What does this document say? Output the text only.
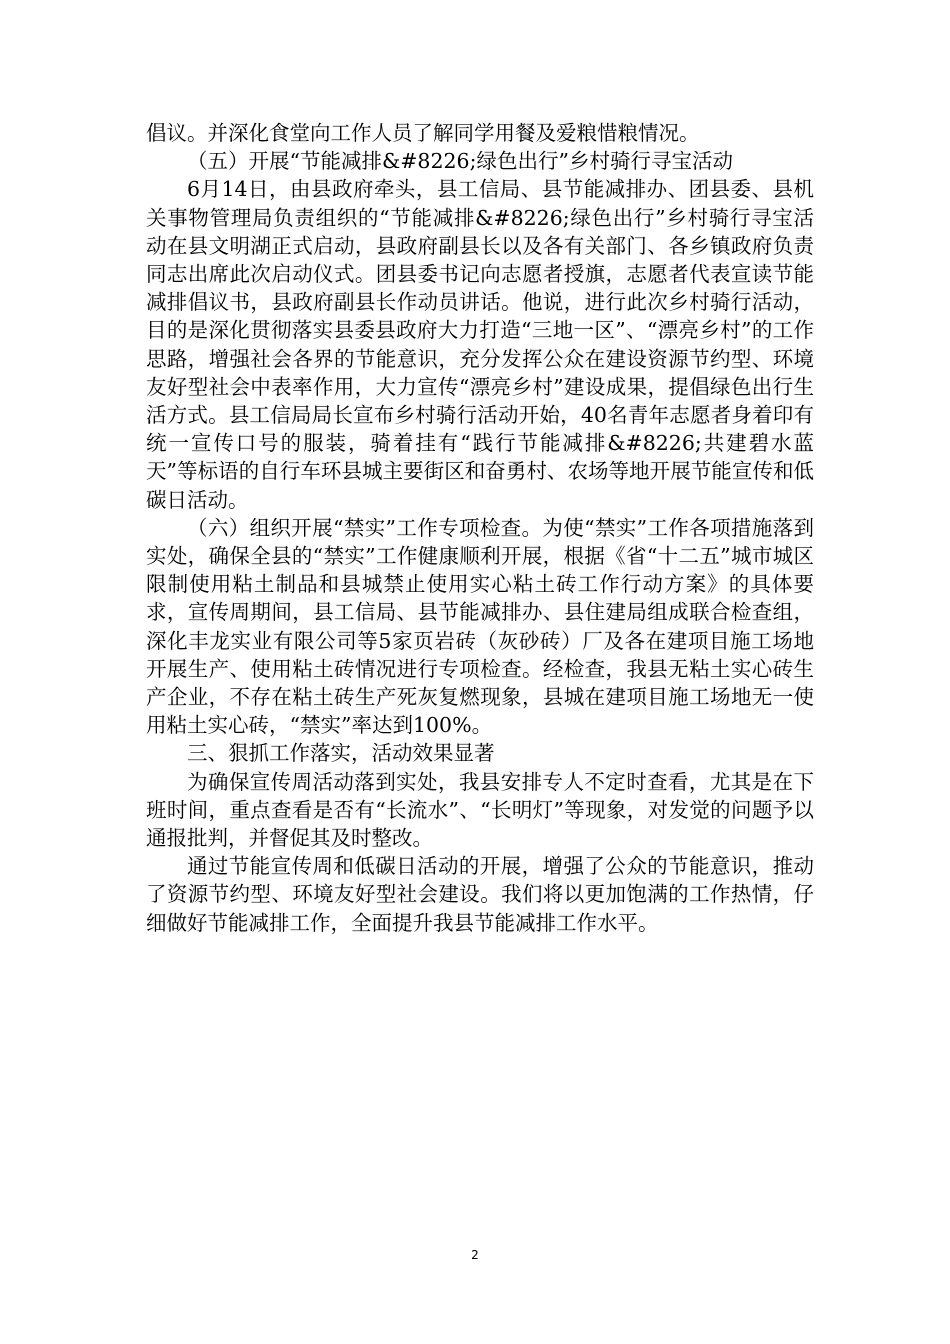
倡议。并深化食堂向工作人员了解同学用餐及爱粮惜粮情况。

（五）开展“节能减排&#8226;绿色出行”乡村骑行寻宝活动

6月14日，由县政府牵头，县工信局、县节能减排办、团县委、县机关事物管理局负责组织的“节能减排&#8226;绿色出行”乡村骑行寻宝活动在县文明湖正式启动，县政府副县长以及各有关部门、各乡镇政府负责同志出席此次启动仪式。团县委书记向志愿者授旗，志愿者代表宣读节能减排倡议书，县政府副县长作动员讲话。他说，进行此次乡村骑行活动，目的是深化贯彻落实县委县政府大力打造“三地一区”、“漂亮乡村”的工作思路，增强社会各界的节能意识，充分发挥公众在建设资源节约型、环境友好型社会中表率作用，大力宣传“漂亮乡村”建设成果，提倡绿色出行生活方式。县工信局局长宣布乡村骑行活动开始，40名青年志愿者身着印有统一宣传口号的服装，骑着挂有“践行节能减排&#8226;共建碧水蓝天”等标语的自行车环县城主要街区和奋勇村、农场等地开展节能宣传和低碳日活动。

（六）组织开展“禁实”工作专项检查。为使“禁实”工作各项措施落到实处，确保全县的“禁实”工作健康顺利开展，根据《省“十二五”城市城区限制使用粘土制品和县城禁止使用实心粘土砖工作行动方案》的具体要求，宣传周期间，县工信局、县节能减排办、县住建局组成联合检查组，深化丰龙实业有限公司等5家页岩砖（灰砂砖）厂及各在建项目施工场地开展生产、使用粘土砖情况进行专项检查。经检查，我县无粘土实心砖生产企业，不存在粘土砖生产死灰复燃现象，县城在建项目施工场地无一使用粘土实心砖，“禁实”率达到100%。

三、狠抓工作落实，活动效果显著

为确保宣传周活动落到实处，我县安排专人不定时查看，尤其是在下班时间，重点查看是否有“长流水”、“长明灯”等现象，对发觉的问题予以通报批判，并督促其及时整改。

通过节能宣传周和低碳日活动的开展，增强了公众的节能意识，推动了资源节约型、环境友好型社会建设。我们将以更加饱满的工作热情，仔细做好节能减排工作，全面提升我县节能减排工作水平。

2
